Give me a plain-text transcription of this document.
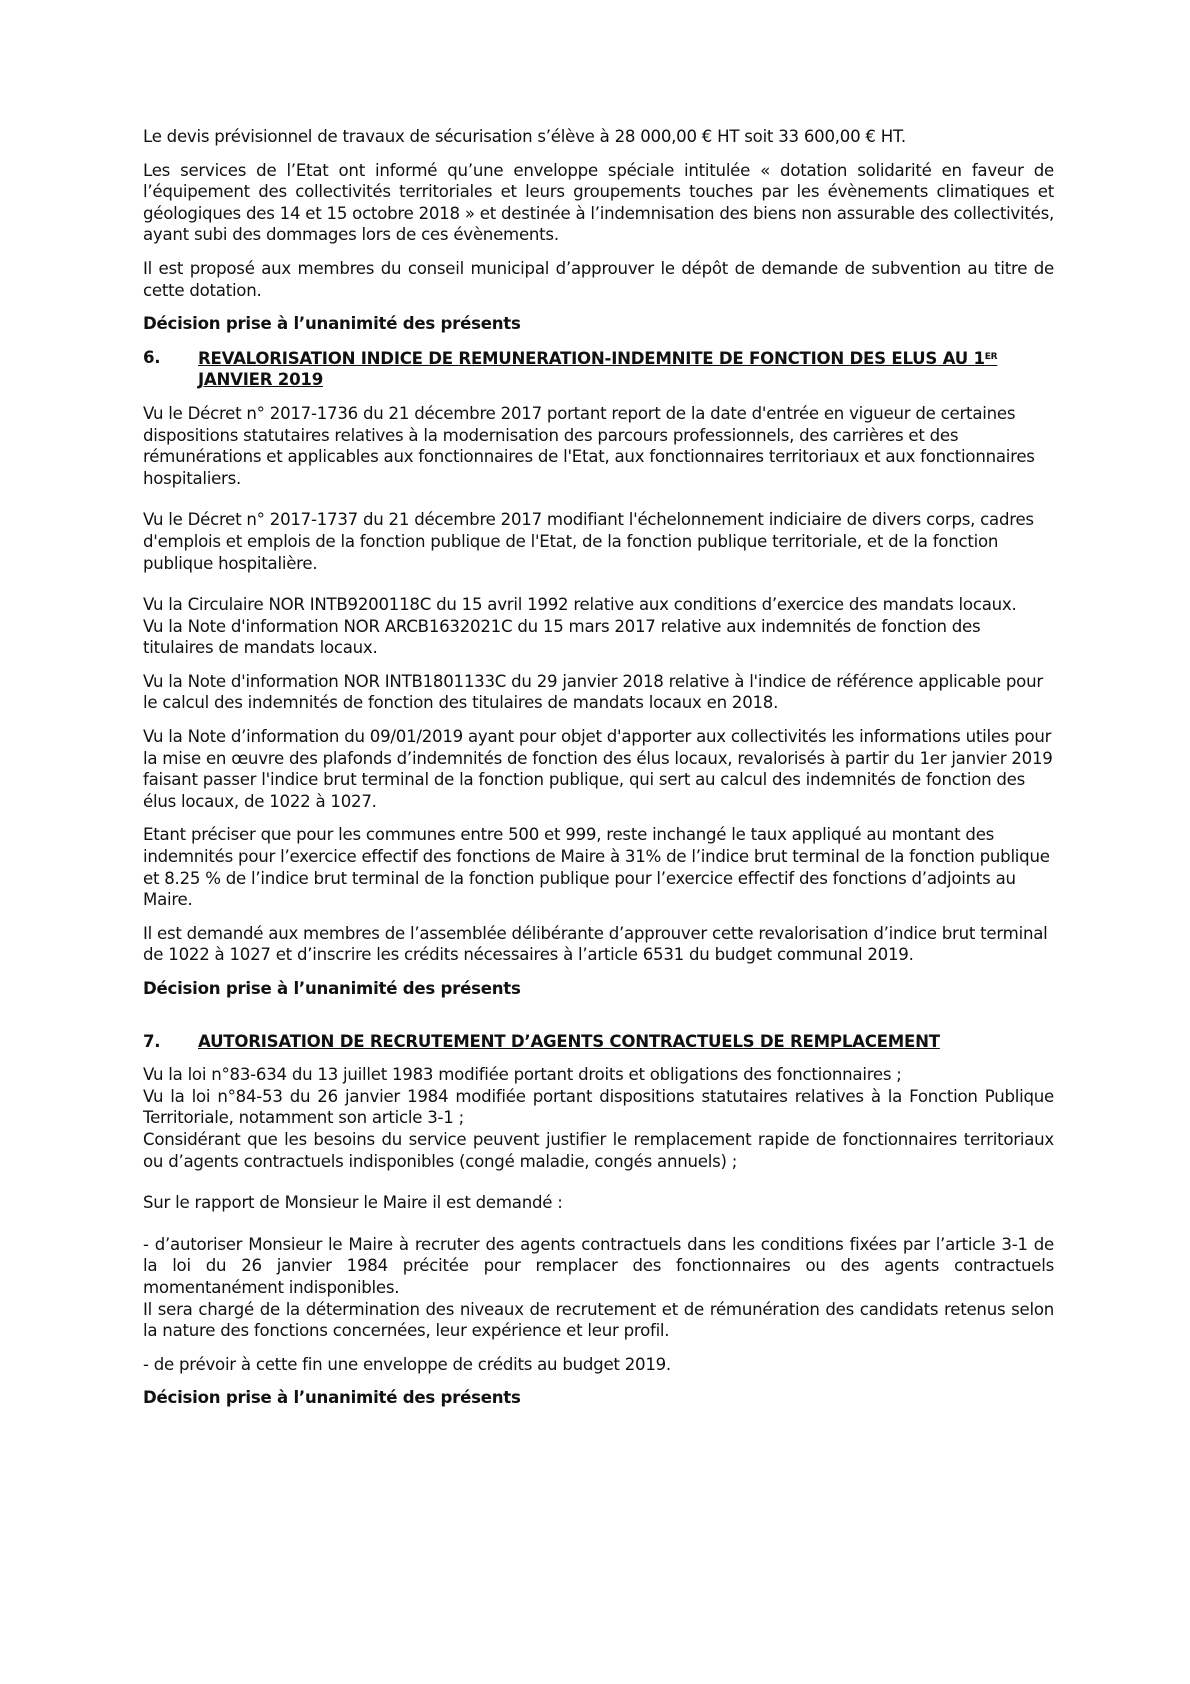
Le devis prévisionnel de travaux de sécurisation s’élève à 28 000,00 € HT soit 33 600,00 € HT.

Les services de l’Etat ont informé qu’une enveloppe spéciale intitulée « dotation solidarité en faveur de l’équipement des collectivités territoriales et leurs groupements touches par les évènements climatiques et géologiques des 14 et 15 octobre 2018 » et destinée à l’indemnisation des biens non assurable des collectivités, ayant subi des dommages lors de ces évènements.

Il est proposé aux membres du conseil municipal d’approuver le dépôt de demande de subvention au titre de cette dotation.

Décision prise à l’unanimité des présents

6.	REVALORISATION INDICE DE REMUNERATION-INDEMNITE DE FONCTION DES ELUS AU 1ER
JANVIER 2019

Vu le Décret n° 2017-1736 du 21 décembre 2017 portant report de la date d'entrée en vigueur de certaines dispositions statutaires relatives à la modernisation des parcours professionnels, des carrières et des rémunérations et applicables aux fonctionnaires de l'Etat, aux fonctionnaires territoriaux et aux fonctionnaires hospitaliers.

Vu le Décret n° 2017-1737 du 21 décembre 2017 modifiant l'échelonnement indiciaire de divers corps, cadres d'emplois et emplois de la fonction publique de l'Etat, de la fonction publique territoriale, et de la fonction publique hospitalière.

Vu la Circulaire NOR INTB9200118C du 15 avril 1992 relative aux conditions d’exercice des mandats locaux.

Vu la Note d'information NOR ARCB1632021C du 15 mars 2017 relative aux indemnités de fonction des titulaires de mandats locaux.

Vu la Note d'information NOR INTB1801133C du 29 janvier 2018 relative à l'indice de référence applicable pour le calcul des indemnités de fonction des titulaires de mandats locaux en 2018.

Vu la Note d’information du 09/01/2019 ayant pour objet d'apporter aux collectivités les informations utiles pour la mise en œuvre des plafonds d’indemnités de fonction des élus locaux, revalorisés à partir du 1er janvier 2019 faisant passer l'indice brut terminal de la fonction publique, qui sert au calcul des indemnités de fonction des élus locaux, de 1022 à 1027.

Etant préciser que pour les communes entre 500 et 999, reste inchangé le taux appliqué au montant des indemnités pour l’exercice effectif des fonctions de Maire à 31% de l’indice brut terminal de la fonction publique et 8.25 % de l’indice brut terminal de la fonction publique pour l’exercice effectif des fonctions d’adjoints au Maire.

Il est demandé aux membres de l’assemblée délibérante d’approuver cette revalorisation d’indice brut terminal de 1022 à 1027 et d’inscrire les crédits nécessaires à l’article 6531 du budget communal 2019.

Décision prise à l’unanimité des présents

7.	AUTORISATION DE RECRUTEMENT D’AGENTS CONTRACTUELS DE REMPLACEMENT

Vu la loi n°83-634 du 13 juillet 1983 modifiée portant droits et obligations des fonctionnaires ;

Vu la loi n°84-53 du 26 janvier 1984 modifiée portant dispositions statutaires relatives à la Fonction Publique Territoriale, notamment son article 3-1 ;

Considérant que les besoins du service peuvent justifier le remplacement rapide de fonctionnaires territoriaux ou d’agents contractuels indisponibles (congé maladie, congés annuels) ;

Sur le rapport de Monsieur le Maire il est demandé :

- d’autoriser Monsieur le Maire à recruter des agents contractuels dans les conditions fixées par l’article 3-1 de la loi du 26 janvier 1984 précitée pour remplacer des fonctionnaires ou des agents contractuels momentanément indisponibles.

Il sera chargé de la détermination des niveaux de recrutement et de rémunération des candidats retenus selon la nature des fonctions concernées, leur expérience et leur profil.

- de prévoir à cette fin une enveloppe de crédits au budget 2019.

Décision prise à l’unanimité des présents
